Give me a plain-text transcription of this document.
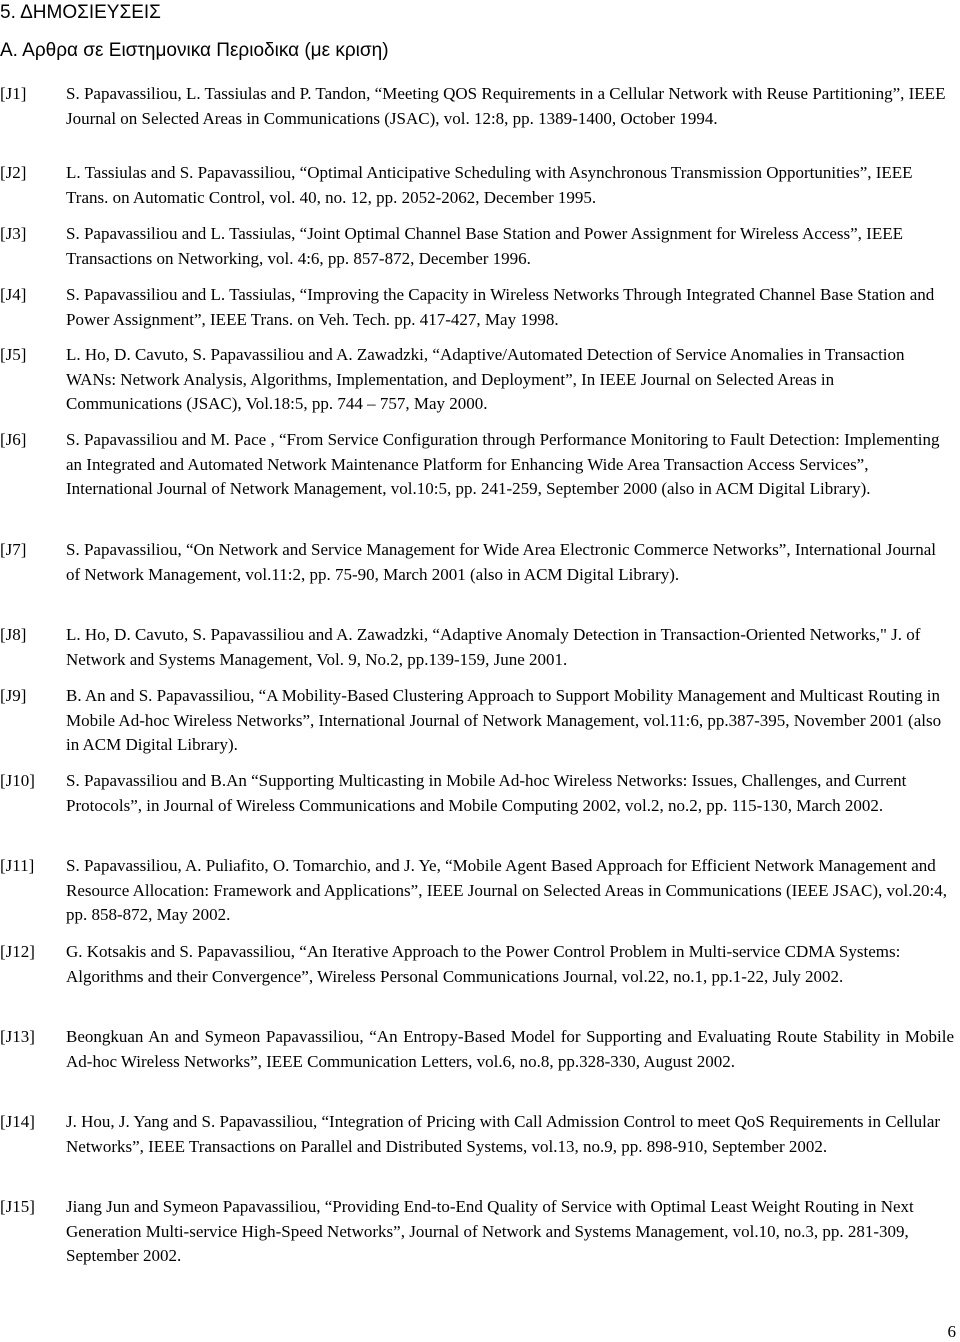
5. ΔΗΜΟΣΙΕΥΣΕΙΣ
Α. Αρθρα σε Ειστημονικα Περιοδικα (με κριση)
[J1] S. Papavassiliou, L. Tassiulas and P. Tandon, “Meeting QOS Requirements in a Cellular Network with Reuse Partitioning”, IEEE Journal on Selected Areas in Communications (JSAC), vol. 12:8, pp. 1389-1400, October 1994.
[J2] L. Tassiulas and S. Papavassiliou, “Optimal Anticipative Scheduling with Asynchronous Transmission Opportunities”, IEEE Trans. on Automatic Control, vol. 40, no. 12, pp. 2052-2062, December 1995.
[J3] S. Papavassiliou and L. Tassiulas, “Joint Optimal Channel Base Station and Power Assignment for Wireless Access”, IEEE Transactions on Networking, vol. 4:6, pp. 857-872, December 1996.
[J4] S. Papavassiliou and L. Tassiulas, “Improving the Capacity in Wireless Networks Through Integrated Channel Base Station and Power Assignment”, IEEE Trans. on Veh. Tech. pp. 417-427, May 1998.
[J5] L. Ho, D. Cavuto, S. Papavassiliou and A. Zawadzki, “Adaptive/Automated Detection of Service Anomalies in Transaction WANs: Network Analysis, Algorithms, Implementation, and Deployment”, In IEEE Journal on Selected Areas in Communications (JSAC), Vol.18:5, pp. 744 – 757, May 2000.
[J6] S. Papavassiliou and M. Pace , “From Service Configuration through Performance Monitoring to Fault Detection: Implementing an Integrated and Automated Network Maintenance Platform for Enhancing Wide Area Transaction Access Services”, International Journal of Network Management, vol.10:5, pp. 241-259, September 2000 (also in ACM Digital Library).
[J7] S. Papavassiliou, “On Network and Service Management for Wide Area Electronic Commerce Networks”, International Journal of Network Management, vol.11:2, pp. 75-90, March 2001 (also in ACM Digital Library).
[J8] L. Ho, D. Cavuto, S. Papavassiliou and A. Zawadzki, “Adaptive Anomaly Detection in Transaction-Oriented Networks," J. of Network and Systems Management, Vol. 9, No.2, pp.139-159, June 2001.
[J9] B. An and S. Papavassiliou, “A Mobility-Based Clustering Approach to Support Mobility Management and Multicast Routing in Mobile Ad-hoc Wireless Networks”, International Journal of Network Management, vol.11:6, pp.387-395, November 2001 (also in ACM Digital Library).
[J10] S. Papavassiliou and B.An “Supporting Multicasting in Mobile Ad-hoc Wireless Networks: Issues, Challenges, and Current Protocols”, in Journal of Wireless Communications and Mobile Computing 2002, vol.2, no.2, pp. 115-130, March 2002.
[J11] S. Papavassiliou, A. Puliafito, O. Tomarchio, and J. Ye, “Mobile Agent Based Approach for Efficient Network Management and Resource Allocation: Framework and Applications”, IEEE Journal on Selected Areas in Communications (IEEE JSAC), vol.20:4, pp. 858-872, May 2002.
[J12] G. Kotsakis and S. Papavassiliou, “An Iterative Approach to the Power Control Problem in Multi-service CDMA Systems: Algorithms and their Convergence”, Wireless Personal Communications Journal, vol.22, no.1, pp.1-22, July 2002.
[J13] Beongkuan An and Symeon Papavassiliou, “An Entropy-Based Model for Supporting and Evaluating Route Stability in Mobile Ad-hoc Wireless Networks”, IEEE Communication Letters, vol.6, no.8, pp.328-330, August 2002.
[J14] J. Hou, J. Yang and S. Papavassiliou, “Integration of Pricing with Call Admission Control to meet QoS Requirements in Cellular Networks”, IEEE Transactions on Parallel and Distributed Systems, vol.13, no.9, pp. 898-910, September 2002.
[J15] Jiang Jun and Symeon Papavassiliou, “Providing End-to-End Quality of Service with Optimal Least Weight Routing in Next Generation Multi-service High-Speed Networks”, Journal of Network and Systems Management, vol.10, no.3, pp. 281-309, September 2002.
6
